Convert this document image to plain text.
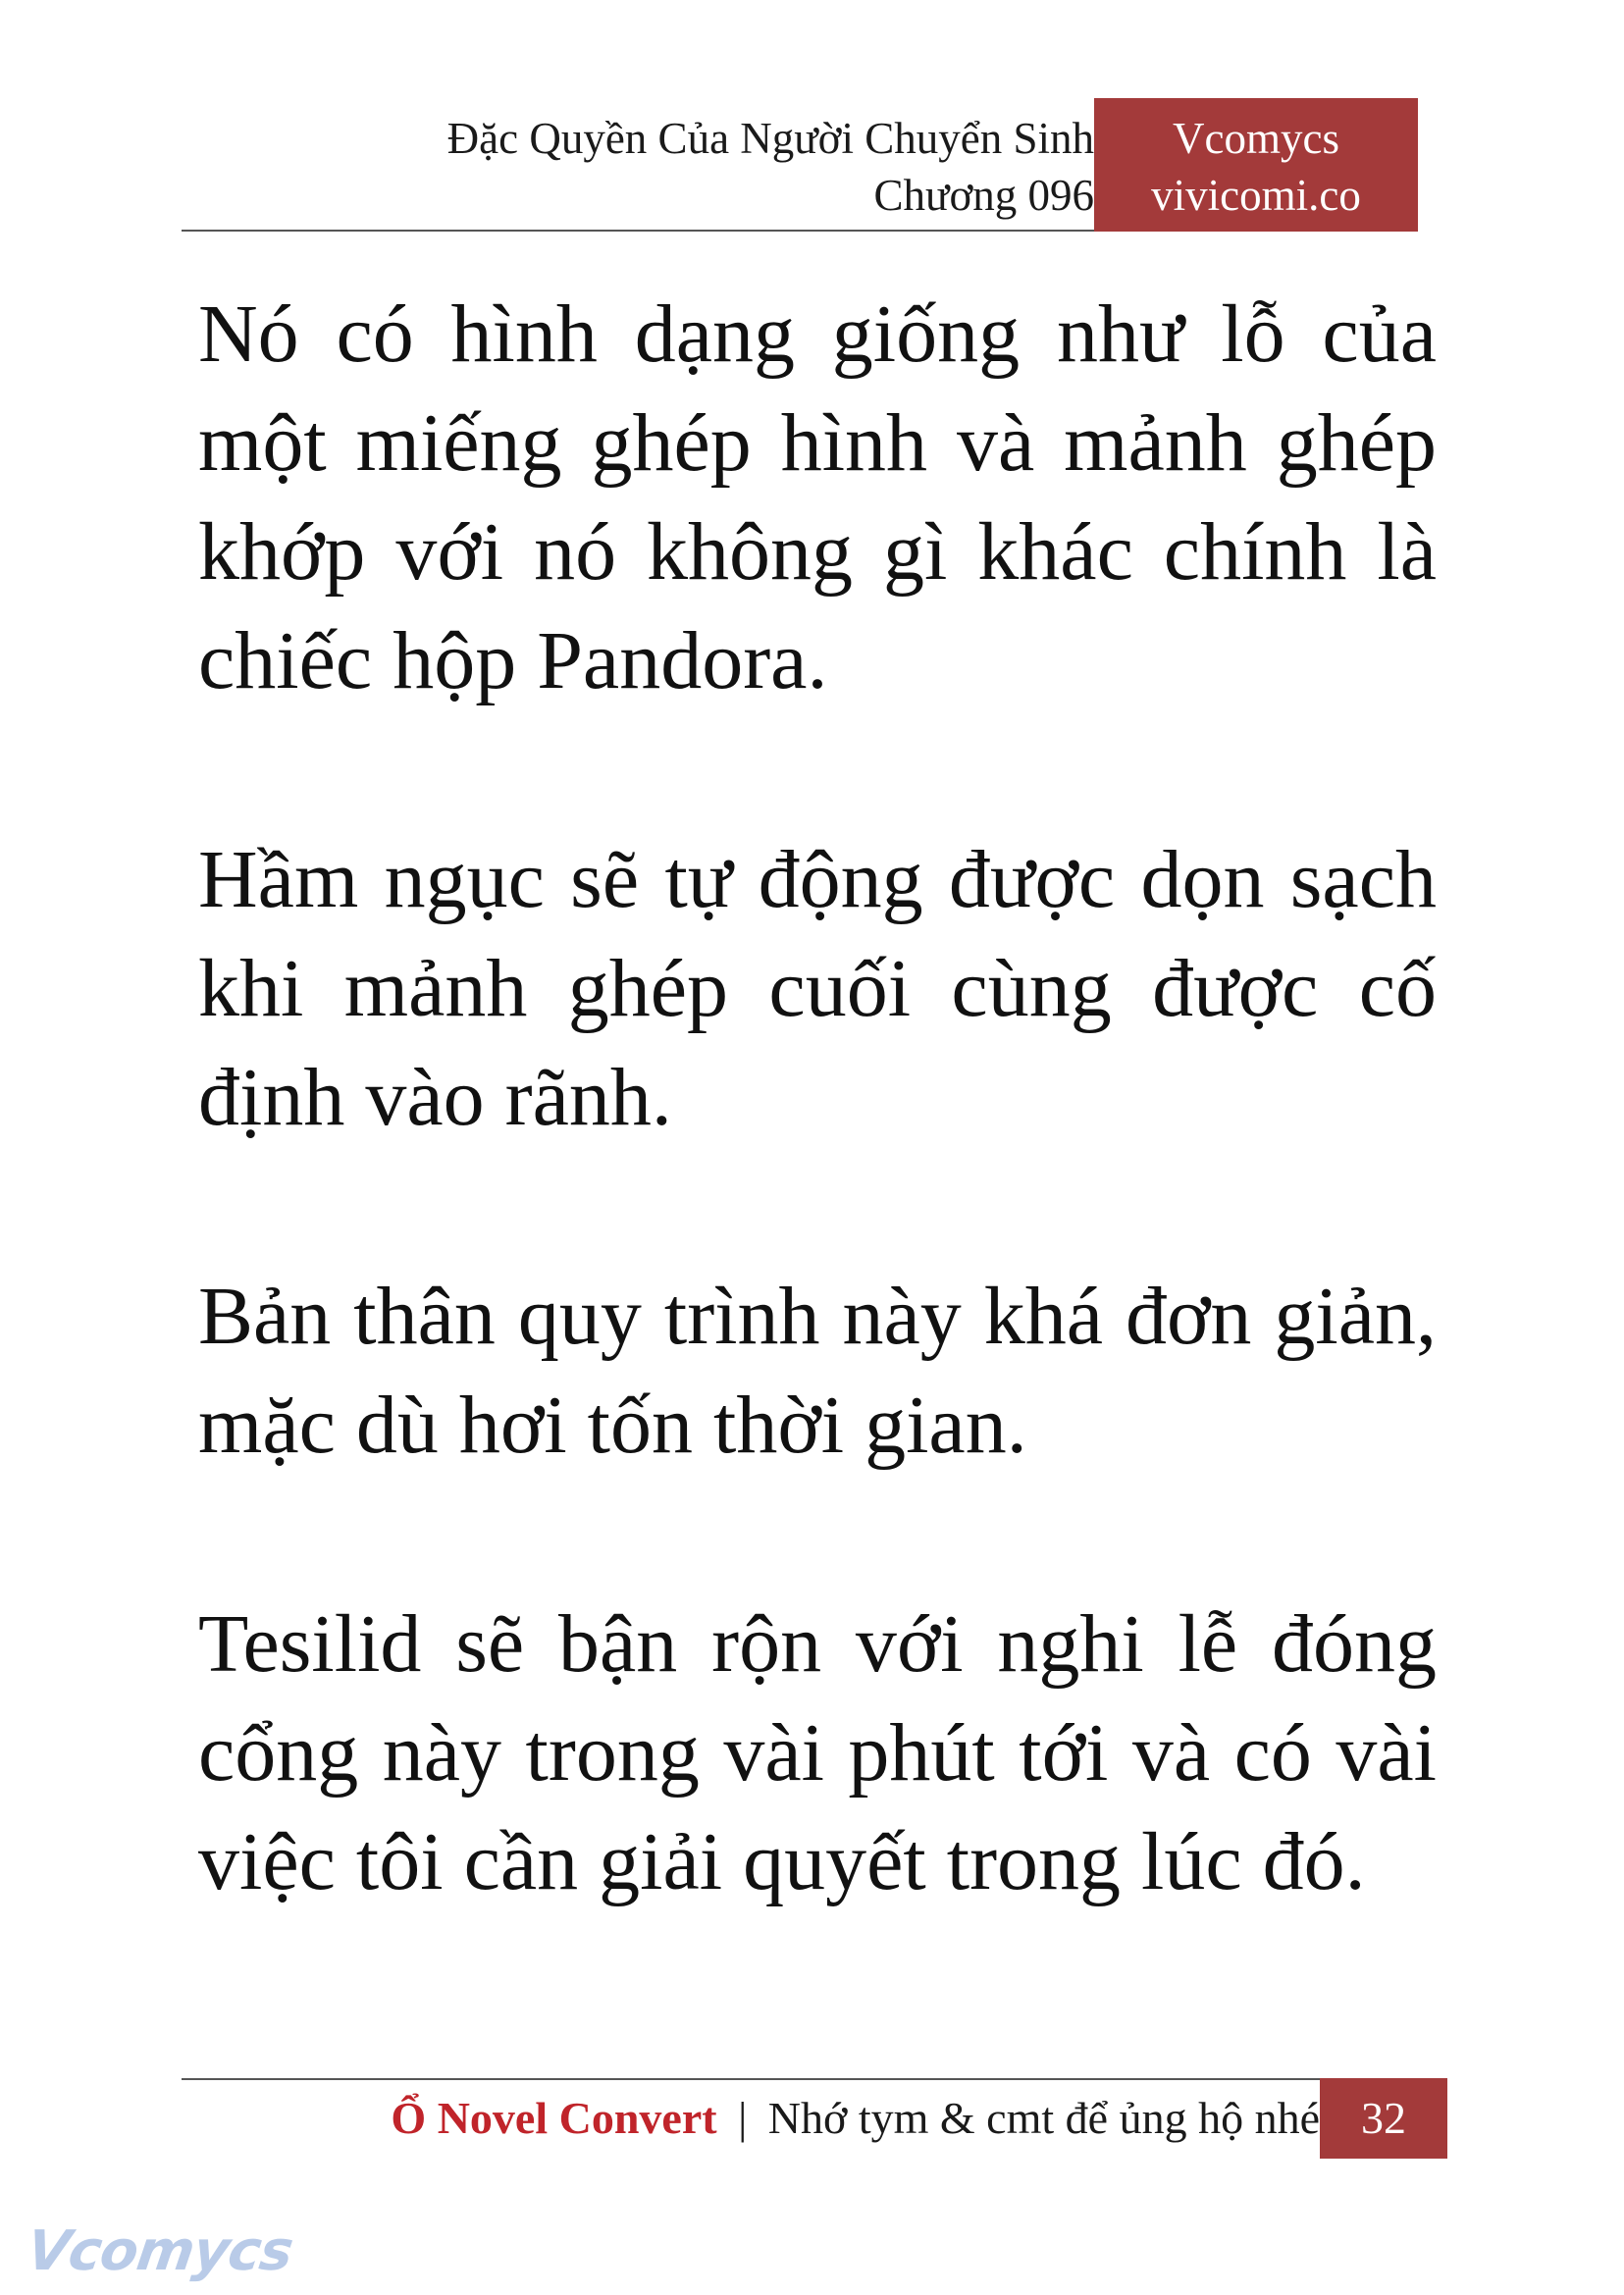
Đặc Quyền Của Người Chuyển Sinh
Chương 096
Vcomycs
vivicomi.co

Nó có hình dạng giống như lỗ của một miếng ghép hình và mảnh ghép khớp với nó không gì khác chính là chiếc hộp Pandora.

Hầm ngục sẽ tự động được dọn sạch khi mảnh ghép cuối cùng được cố định vào rãnh.

Bản thân quy trình này khá đơn giản, mặc dù hơi tốn thời gian.

Tesilid sẽ bận rộn với nghi lễ đóng cổng này trong vài phút tới và có vài việc tôi cần giải quyết trong lúc đó.

Ổ Novel Convert | Nhớ tym & cmt để ủng hộ nhé 32
Vcomycs
